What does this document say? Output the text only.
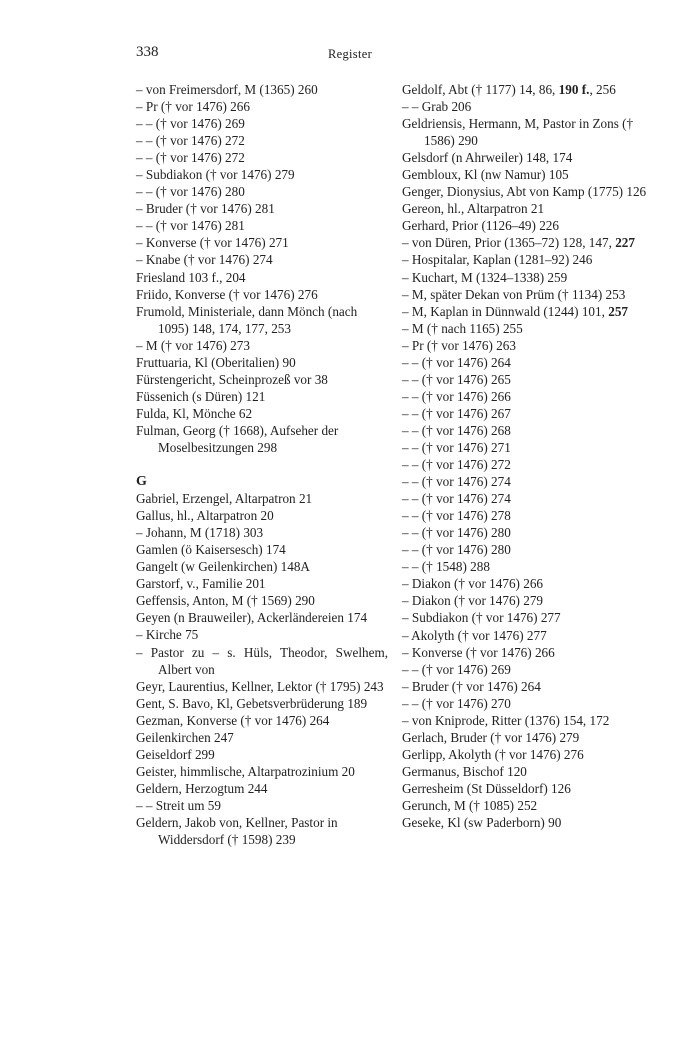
338	Register
– von Freimersdorf, M (1365) 260
– Pr († vor 1476) 266
– – († vor 1476) 269
– – († vor 1476) 272
– – († vor 1476) 272
– Subdiakon († vor 1476) 279
– – († vor 1476) 280
– Bruder († vor 1476) 281
– – († vor 1476) 281
– Konverse († vor 1476) 271
– Knabe († vor 1476) 274
Friesland 103 f., 204
Friido, Konverse († vor 1476) 276
Frumold, Ministeriale, dann Mönch (nach 1095) 148, 174, 177, 253
– M († vor 1476) 273
Fruttuaria, Kl (Oberitalien) 90
Fürstengericht, Scheinprozeß vor 38
Füssenich (s Düren) 121
Fulda, Kl, Mönche 62
Fulman, Georg († 1668), Aufseher der Moselbesitzungen 298
G
Gabriel, Erzengel, Altarpatron 21
Gallus, hl., Altarpatron 20
– Johann, M (1718) 303
Gamlen (ö Kaisersesch) 174
Gangelt (w Geilenkirchen) 148A
Garstorf, v., Familie 201
Geffensis, Anton, M († 1569) 290
Geyen (n Brauweiler), Ackerländereien 174
– Kirche 75
– Pastor zu – s. Hüls, Theodor, Swelhem, Albert von
Geyr, Laurentius, Kellner, Lektor († 1795) 243
Gent, S. Bavo, Kl, Gebetsverbrüderung 189
Gezman, Konverse († vor 1476) 264
Geilenkirchen 247
Geiseldorf 299
Geister, himmlische, Altarpatrozinium 20
Geldern, Herzogtum 244
– – Streit um 59
Geldern, Jakob von, Kellner, Pastor in Widdersdorf († 1598) 239
Geldolf, Abt († 1177) 14, 86, 190 f., 256
– – Grab 206
Geldriensis, Hermann, M, Pastor in Zons († 1586) 290
Gelsdorf (n Ahrweiler) 148, 174
Gembloux, Kl (nw Namur) 105
Genger, Dionysius, Abt von Kamp (1775) 126
Gereon, hl., Altarpatron 21
Gerhard, Prior (1126–49) 226
– von Düren, Prior (1365–72) 128, 147, 227
– Hospitalar, Kaplan (1281–92) 246
– Kuchart, M (1324–1338) 259
– M, später Dekan von Prüm († 1134) 253
– M, Kaplan in Dünnwald (1244) 101, 257
– M († nach 1165) 255
– Pr († vor 1476) 263
– – († vor 1476) 264
– – († vor 1476) 265
– – († vor 1476) 266
– – († vor 1476) 267
– – († vor 1476) 268
– – († vor 1476) 271
– – († vor 1476) 272
– – († vor 1476) 274
– – († vor 1476) 274
– – († vor 1476) 278
– – († vor 1476) 280
– – († vor 1476) 280
– – († 1548) 288
– Diakon († vor 1476) 266
– Diakon († vor 1476) 279
– Subdiakon († vor 1476) 277
– Akolyth († vor 1476) 277
– Konverse († vor 1476) 266
– – († vor 1476) 269
– Bruder († vor 1476) 264
– – († vor 1476) 270
– von Kniprode, Ritter (1376) 154, 172
Gerlach, Bruder († vor 1476) 279
Gerlipp, Akolyth († vor 1476) 276
Germanus, Bischof 120
Gerresheim (St Düsseldorf) 126
Gerunch, M († 1085) 252
Geseke, Kl (sw Paderborn) 90
